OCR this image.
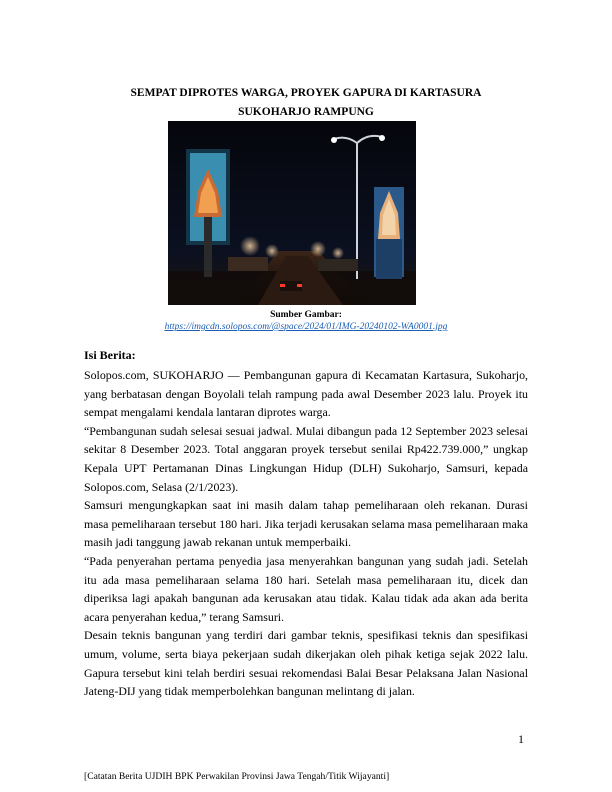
SEMPAT DIPROTES WARGA, PROYEK GAPURA DI KARTASURA
SUKOHARJO RAMPUNG
Sumber Gambar:
https://imgcdn.solopos.com/@space/2024/01/IMG-20240102-WA0001.jpg
Isi Berita:

Solopos.com, SUKOHARJO — Pembangunan gapura di Kecamatan Kartasura, Sukoharjo, yang berbatasan dengan Boyolali telah rampung pada awal Desember 2023 lalu. Proyek itu sempat mengalami kendala lantaran diprotes warga.

“Pembangunan sudah selesai sesuai jadwal. Mulai dibangun pada 12 September 2023 selesai sekitar 8 Desember 2023. Total anggaran proyek tersebut senilai Rp422.739.000,” ungkap Kepala UPT Pertamanan Dinas Lingkungan Hidup (DLH) Sukoharjo, Samsuri, kepada Solopos.com, Selasa (2/1/2023).

Samsuri mengungkapkan saat ini masih dalam tahap pemeliharaan oleh rekanan. Durasi masa pemeliharaan tersebut 180 hari. Jika terjadi kerusakan selama masa pemeliharaan maka masih jadi tanggung jawab rekanan untuk memperbaiki.

“Pada penyerahan pertama penyedia jasa menyerahkan bangunan yang sudah jadi. Setelah itu ada masa pemeliharaan selama 180 hari. Setelah masa pemeliharaan itu, dicek dan diperiksa lagi apakah bangunan ada kerusakan atau tidak. Kalau tidak ada akan ada berita acara penyerahan kedua,” terang Samsuri.

Desain teknis bangunan yang terdiri dari gambar teknis, spesifikasi teknis dan spesifikasi umum, volume, serta biaya pekerjaan sudah dikerjakan oleh pihak ketiga sejak 2022 lalu. Gapura tersebut kini telah berdiri sesuai rekomendasi Balai Besar Pelaksana Jalan Nasional Jateng-DIJ yang tidak memperbolehkan bangunan melintang di jalan.

1
[Catatan Berita UJDIH BPK Perwakilan Provinsi Jawa Tengah/Titik Wijayanti]
